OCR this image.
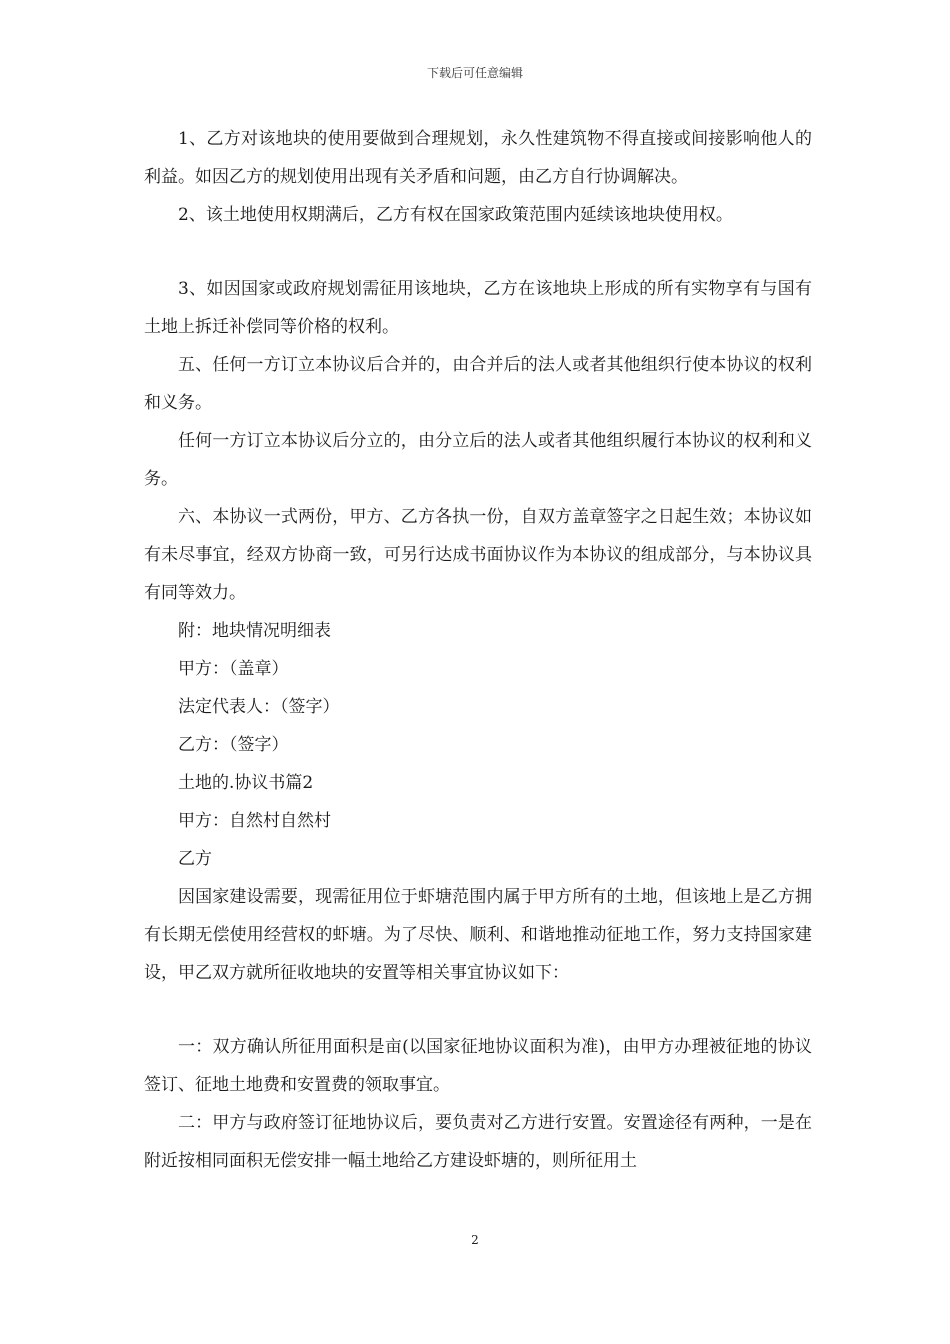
下载后可任意编辑

1、乙方对该地块的使用要做到合理规划，永久性建筑物不得直接或间接影响他人的利益。如因乙方的规划使用出现有关矛盾和问题，由乙方自行协调解决。

2、该土地使用权期满后，乙方有权在国家政策范围内延续该地块使用权。

3、如因国家或政府规划需征用该地块，乙方在该地块上形成的所有实物享有与国有土地上拆迁补偿同等价格的权利。

五、任何一方订立本协议后合并的，由合并后的法人或者其他组织行使本协议的权利和义务。

任何一方订立本协议后分立的，由分立后的法人或者其他组织履行本协议的权利和义务。

六、本协议一式两份，甲方、乙方各执一份，自双方盖章签字之日起生效；本协议如有未尽事宜，经双方协商一致，可另行达成书面协议作为本协议的组成部分，与本协议具有同等效力。

附：地块情况明细表

甲方：（盖章）

法定代表人：（签字）

乙方：（签字）

土地的.协议书篇2

甲方：自然村自然村

乙方

因国家建设需要，现需征用位于虾塘范围内属于甲方所有的土地，但该地上是乙方拥有长期无偿使用经营权的虾塘。为了尽快、顺利、和谐地推动征地工作，努力支持国家建设，甲乙双方就所征收地块的安置等相关事宜协议如下：

一：双方确认所征用面积是亩(以国家征地协议面积为准)，由甲方办理被征地的协议签订、征地土地费和安置费的领取事宜。

二：甲方与政府签订征地协议后，要负责对乙方进行安置。安置途径有两种，一是在附近按相同面积无偿安排一幅土地给乙方建设虾塘的，则所征用土

2
